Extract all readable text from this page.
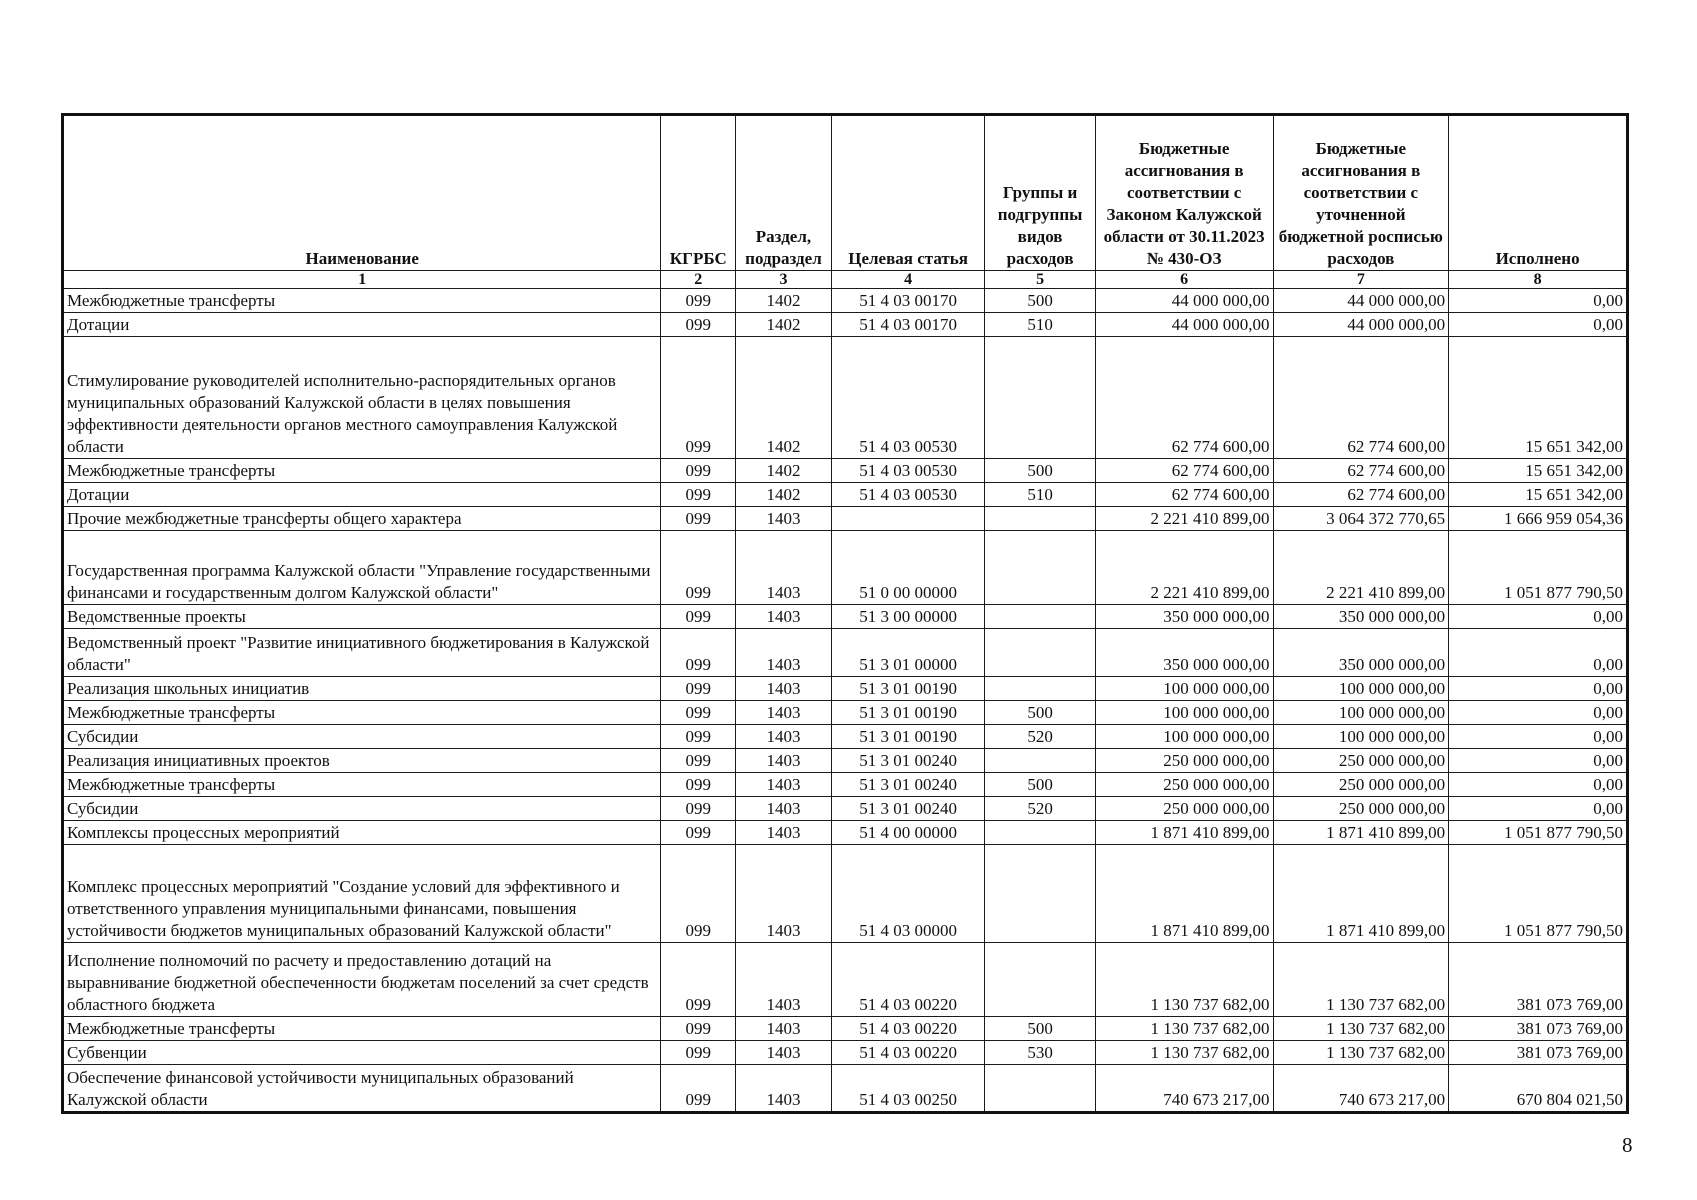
Наименование	КГРБС	Раздел, подраздел	Целевая статья	Группы и подгруппы видов расходов	Бюджетные ассигнования в соответствии с Законом Калужской области от 30.11.2023 № 430-ОЗ	Бюджетные ассигнования в соответствии с уточненной бюджетной росписью расходов	Исполнено
1	2	3	4	5	6	7	8
Межбюджетные трансферты	099	1402	51 4 03 00170	500	44 000 000,00	44 000 000,00	0,00
Дотации	099	1402	51 4 03 00170	510	44 000 000,00	44 000 000,00	0,00
Стимулирование руководителей исполнительно-распорядительных органов муниципальных образований Калужской области в целях повышения эффективности деятельности органов местного самоуправления Калужской области	099	1402	51 4 03 00530		62 774 600,00	62 774 600,00	15 651 342,00
Межбюджетные трансферты	099	1402	51 4 03 00530	500	62 774 600,00	62 774 600,00	15 651 342,00
Дотации	099	1402	51 4 03 00530	510	62 774 600,00	62 774 600,00	15 651 342,00
Прочие межбюджетные трансферты общего характера	099	1403			2 221 410 899,00	3 064 372 770,65	1 666 959 054,36
Государственная программа Калужской области "Управление государственными финансами и государственным долгом Калужской области"	099	1403	51 0 00 00000		2 221 410 899,00	2 221 410 899,00	1 051 877 790,50
Ведомственные проекты	099	1403	51 3 00 00000		350 000 000,00	350 000 000,00	0,00
Ведомственный проект "Развитие инициативного бюджетирования в Калужской области"	099	1403	51 3 01 00000		350 000 000,00	350 000 000,00	0,00
Реализация школьных инициатив	099	1403	51 3 01 00190		100 000 000,00	100 000 000,00	0,00
Межбюджетные трансферты	099	1403	51 3 01 00190	500	100 000 000,00	100 000 000,00	0,00
Субсидии	099	1403	51 3 01 00190	520	100 000 000,00	100 000 000,00	0,00
Реализация инициативных проектов	099	1403	51 3 01 00240		250 000 000,00	250 000 000,00	0,00
Межбюджетные трансферты	099	1403	51 3 01 00240	500	250 000 000,00	250 000 000,00	0,00
Субсидии	099	1403	51 3 01 00240	520	250 000 000,00	250 000 000,00	0,00
Комплексы процессных мероприятий	099	1403	51 4 00 00000		1 871 410 899,00	1 871 410 899,00	1 051 877 790,50
Комплекс процессных мероприятий "Создание условий для эффективного и ответственного управления муниципальными финансами, повышения устойчивости бюджетов муниципальных образований Калужской области"	099	1403	51 4 03 00000		1 871 410 899,00	1 871 410 899,00	1 051 877 790,50
Исполнение полномочий по расчету и предоставлению дотаций на выравнивание бюджетной обеспеченности бюджетам поселений за счет средств областного бюджета	099	1403	51 4 03 00220		1 130 737 682,00	1 130 737 682,00	381 073 769,00
Межбюджетные трансферты	099	1403	51 4 03 00220	500	1 130 737 682,00	1 130 737 682,00	381 073 769,00
Субвенции	099	1403	51 4 03 00220	530	1 130 737 682,00	1 130 737 682,00	381 073 769,00
Обеспечение финансовой устойчивости муниципальных образований Калужской области	099	1403	51 4 03 00250		740 673 217,00	740 673 217,00	670 804 021,50
8
